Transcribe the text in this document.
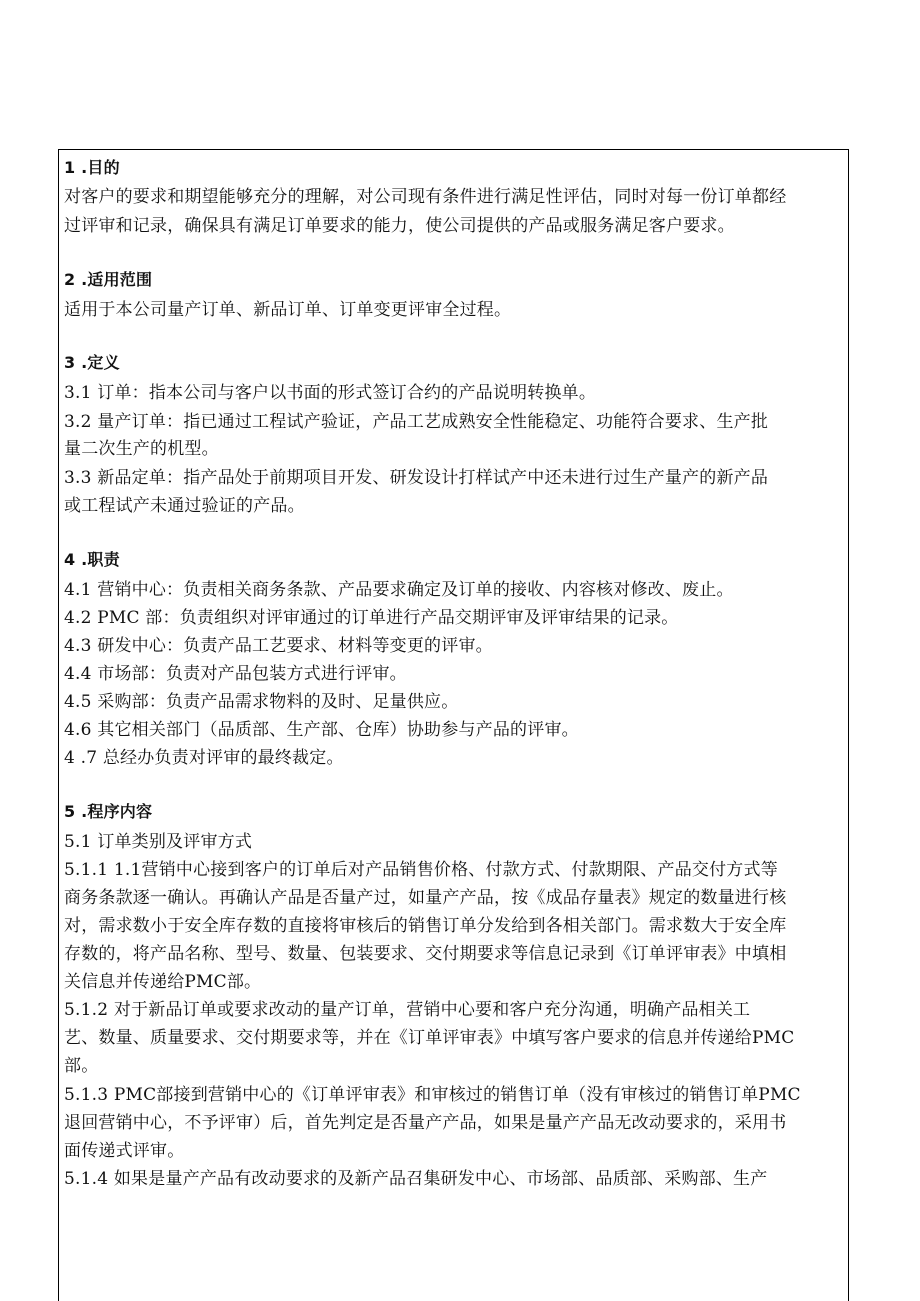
1 .目的
对客户的要求和期望能够充分的理解，对公司现有条件进行满足性评估，同时对每一份订单都经
过评审和记录，确保具有满足订单要求的能力，使公司提供的产品或服务满足客户要求。
2 .适用范围
适用于本公司量产订单、新品订单、订单变更评审全过程。
3 .定义
3.1 订单：指本公司与客户以书面的形式签订合约的产品说明转换单。
3.2 量产订单：指已通过工程试产验证，产品工艺成熟安全性能稳定、功能符合要求、生产批
量二次生产的机型。
3.3 新品定单：指产品处于前期项目开发、研发设计打样试产中还未进行过生产量产的新产品
或工程试产未通过验证的产品。
4 .职责
4.1 营销中心：负责相关商务条款、产品要求确定及订单的接收、内容核对修改、废止。
4.2 PMC 部：负责组织对评审通过的订单进行产品交期评审及评审结果的记录。
4.3 研发中心：负责产品工艺要求、材料等变更的评审。
4.4 市场部：负责对产品包装方式进行评审。
4.5 采购部：负责产品需求物料的及时、足量供应。
4.6 其它相关部门（品质部、生产部、仓库）协助参与产品的评审。
4 .7 总经办负责对评审的最终裁定。
5 .程序内容
5.1 订单类别及评审方式
5.1.1 1.1营销中心接到客户的订单后对产品销售价格、付款方式、付款期限、产品交付方式等
商务条款逐一确认。再确认产品是否量产过，如量产产品，按《成品存量表》规定的数量进行核
对，需求数小于安全库存数的直接将审核后的销售订单分发给到各相关部门。需求数大于安全库
存数的，将产品名称、型号、数量、包装要求、交付期要求等信息记录到《订单评审表》中填相
关信息并传递给PMC部。
5.1.2 对于新品订单或要求改动的量产订单，营销中心要和客户充分沟通，明确产品相关工
艺、数量、质量要求、交付期要求等，并在《订单评审表》中填写客户要求的信息并传递给PMC
部。
5.1.3 PMC部接到营销中心的《订单评审表》和审核过的销售订单（没有审核过的销售订单PMC
退回营销中心，不予评审）后，首先判定是否量产产品，如果是量产产品无改动要求的，采用书
面传递式评审。
5.1.4 如果是量产产品有改动要求的及新产品召集研发中心、市场部、品质部、采购部、生产
